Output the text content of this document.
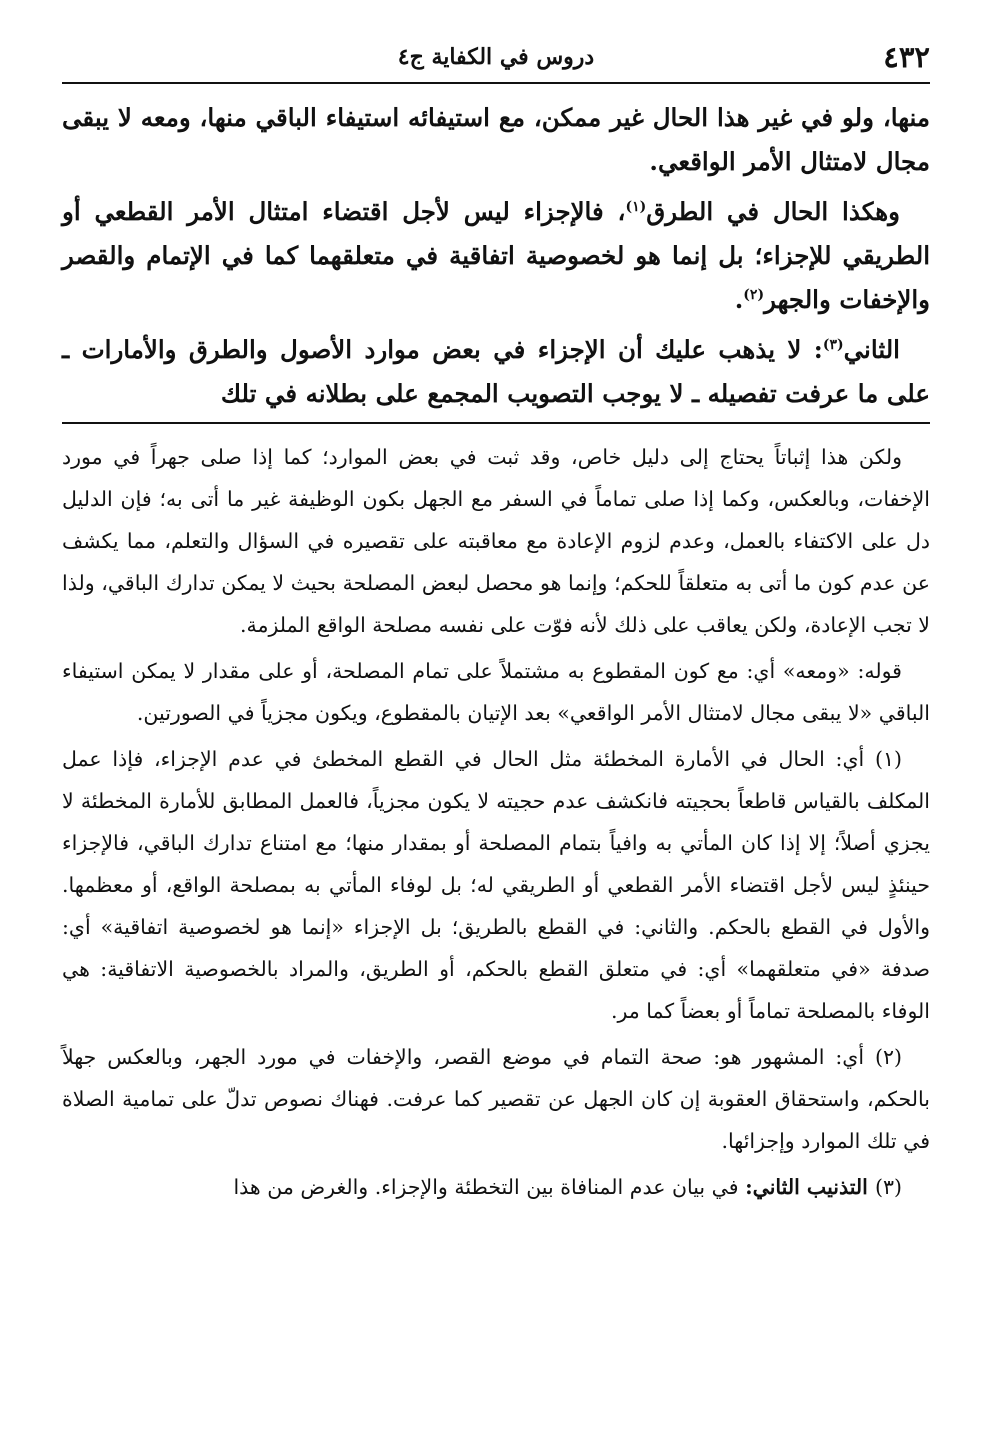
٤٣٢
دروس في الكفاية ج٤

منها، ولو في غير هذا الحال غير ممكن، مع استيفائه استيفاء الباقي منها، ومعه لا يبقى مجال لامتثال الأمر الواقعي.

وهكذا الحال في الطرق$^{(١)}$، فالإجزاء ليس لأجل اقتضاء امتثال الأمر القطعي أو الطريقي للإجزاء؛ بل إنما هو لخصوصية اتفاقية في متعلقهما كما في الإتمام والقصر والإخفات والجهر$^{(٢)}$.

الثاني$^{(٣)}$: لا يذهب عليك أن الإجزاء في بعض موارد الأصول والطرق والأمارات ـ على ما عرفت تفصيله ـ لا يوجب التصويب المجمع على بطلانه في تلك

ولكن هذا إثباتاً يحتاج إلى دليل خاص، وقد ثبت في بعض الموارد؛ كما إذا صلى جهراً في مورد الإخفات، وبالعكس، وكما إذا صلى تماماً في السفر مع الجهل بكون الوظيفة غير ما أتى به؛ فإن الدليل دل على الاكتفاء بالعمل، وعدم لزوم الإعادة مع معاقبته على تقصيره في السؤال والتعلم، مما يكشف عن عدم كون ما أتى به متعلقاً للحكم؛ وإنما هو محصل لبعض المصلحة بحيث لا يمكن تدارك الباقي، ولذا لا تجب الإعادة، ولكن يعاقب على ذلك لأنه فوّت على نفسه مصلحة الواقع الملزمة.

قوله: «ومعه» أي: مع كون المقطوع به مشتملاً على تمام المصلحة، أو على مقدار لا يمكن استيفاء الباقي «لا يبقى مجال لامتثال الأمر الواقعي» بعد الإتيان بالمقطوع، ويكون مجزياً في الصورتين.

(١) أي: الحال في الأمارة المخطئة مثل الحال في القطع المخطئ في عدم الإجزاء، فإذا عمل المكلف بالقياس قاطعاً بحجيته فانكشف عدم حجيته لا يكون مجزياً، فالعمل المطابق للأمارة المخطئة لا يجزي أصلاً؛ إلا إذا كان المأتي به وافياً بتمام المصلحة أو بمقدار منها؛ مع امتناع تدارك الباقي، فالإجزاء حينئذٍ ليس لأجل اقتضاء الأمر القطعي أو الطريقي له؛ بل لوفاء المأتي به بمصلحة الواقع، أو معظمها. والأول في القطع بالحكم. والثاني: في القطع بالطريق؛ بل الإجزاء «إنما هو لخصوصية اتفاقية» أي: صدفة «في متعلقهما» أي: في متعلق القطع بالحكم، أو الطريق، والمراد بالخصوصية الاتفاقية: هي الوفاء بالمصلحة تماماً أو بعضاً كما مر.

(٢) أي: المشهور هو: صحة التمام في موضع القصر، والإخفات في مورد الجهر، وبالعكس جهلاً بالحكم، واستحقاق العقوبة إن كان الجهل عن تقصير كما عرفت. فهناك نصوص تدلّ على تمامية الصلاة في تلك الموارد وإجزائها.

(٣) التذنيب الثاني: في بيان عدم المنافاة بين التخطئة والإجزاء. والغرض من هذا
